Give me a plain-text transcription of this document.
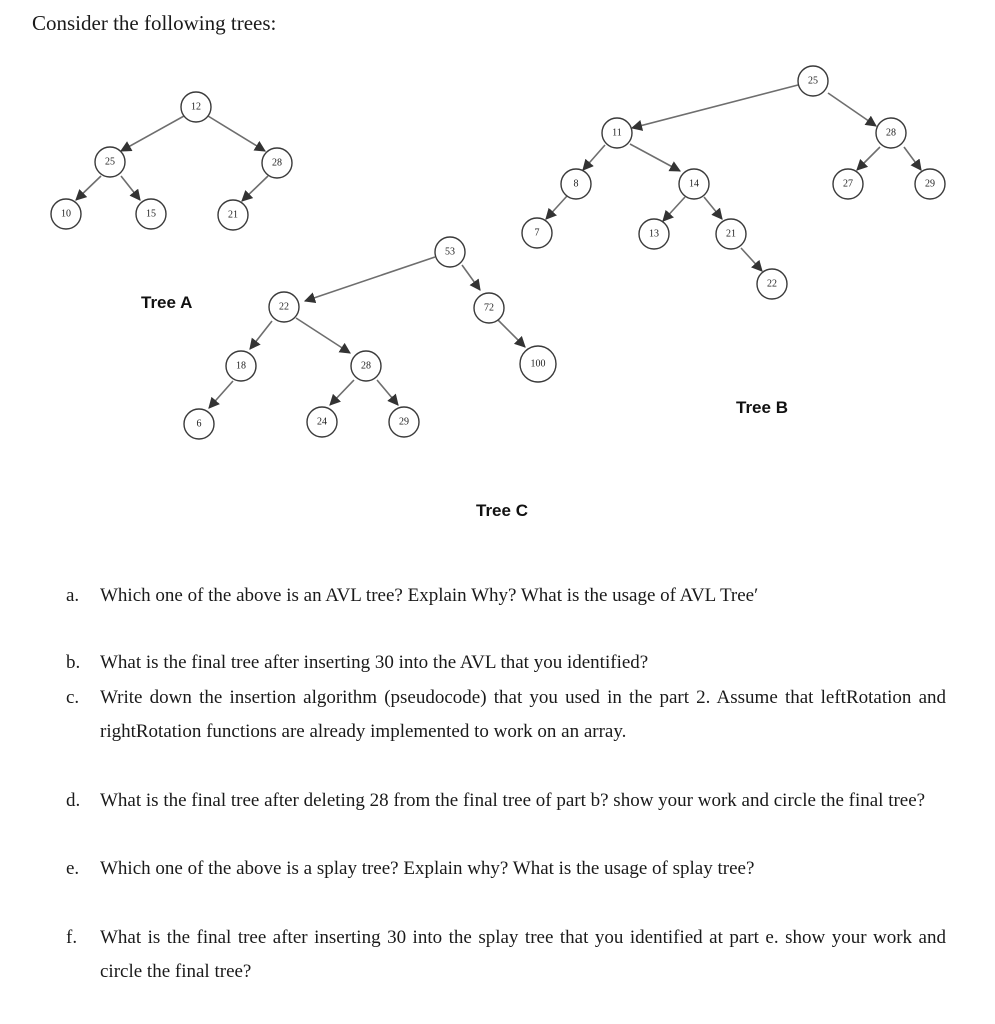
Consider the following trees:

12
25	28
10	15	21
Tree A
25
11	28
8	14	27	29
7	13	21
22
Tree B
53
22	72
18	28	100
6	24	29
Tree C
a.	Which one of the above is an AVL tree? Explain Why? What is the usage of AVL Tree′
b.	What is the final tree after inserting 30 into the AVL that you identified?
c.	Write down the insertion algorithm (pseudocode) that you used in the part 2. Assume that leftRotation and rightRotation functions are already implemented to work on an array.
d.	What is the final tree after deleting 28 from the final tree of part b? show your work and circle the final tree?
e.	Which one of the above is a splay tree? Explain why? What is the usage of splay tree?
f.	What is the final tree after inserting 30 into the splay tree that you identified at part e. show your work and circle the final tree?
